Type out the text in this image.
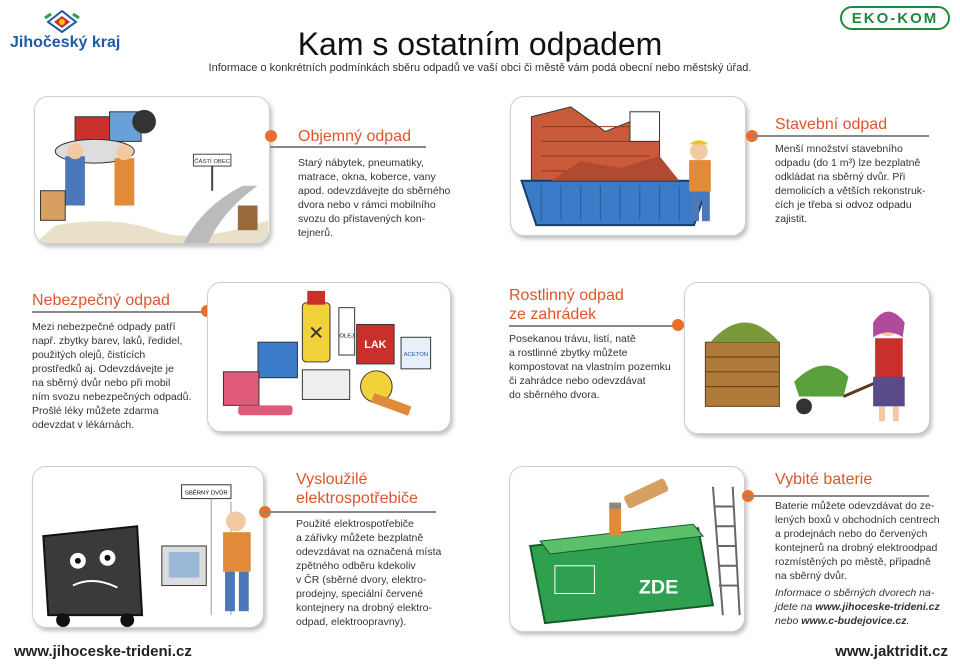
Jihočeský kraj
EKO-KOM
Kam s ostatním odpadem
Informace o konkrétních podmínkách sběru odpadů ve vaší obci či městě vám podá obecní nebo městský úřad.
ČÁSTÍ OBEC
Objemný odpad
Starý nábytek, pneumatiky,
matrace, okna, koberce, vany
apod. odevzdávejte do sběrného
dvora nebo v rámci mobilního
svozu do přistavených kon-
tejnerů.
Stavební odpad
Menší množství stavebního
odpadu (do 1 m³) lze bezplatně
odkládat na sběrný dvůr. Při
demolicích a větších rekonstruk-
cích je třeba si odvoz odpadu
zajistit.
Nebezpečný odpad
Mezi nebezpečné odpady patří
např. zbytky barev, laků, ředidel,
použitých olejů, čistících
prostředků aj. Odevzdávejte je
na sběrný dvůr nebo při mobil
ním svozu nebezpečných odpadů.
Prošlé léky můžete zdarma
odevzdat v lékárnách.
OLEJ
LAK
ACETON
Rostlinný odpad
ze zahrádek
Posekanou trávu, listí, natě
a rostlinné zbytky můžete
kompostovat na vlastním pozemku
či zahrádce nebo odevzdávat
do sběrného dvora.
SBĚRNÝ DVŮR
Vysloužilé
elektrospotřebiče
Použité elektrospotřebiče
a zářivky můžete bezplatně
odevzdávat na označená místa
zpětného odběru kdekoliv
v ČR (sběrné dvory, elektro-
prodejny, speciální červené
kontejnery na drobný elektro-
odpad, elektroopravny).
ZDE
Vybité baterie
Baterie můžete odevzdávat do ze-
lených boxů v obchodních centrech
a prodejnách nebo do červených
kontejnerů na drobný elektroodpad
rozmístěných po městě, případně
na sběrný dvůr.
Informace o sběrných dvorech na-
jdete na www.jihoceske-trideni.cz
nebo www.c-budejovice.cz.
www.jihoceske-trideni.cz	www.jaktridit.cz
